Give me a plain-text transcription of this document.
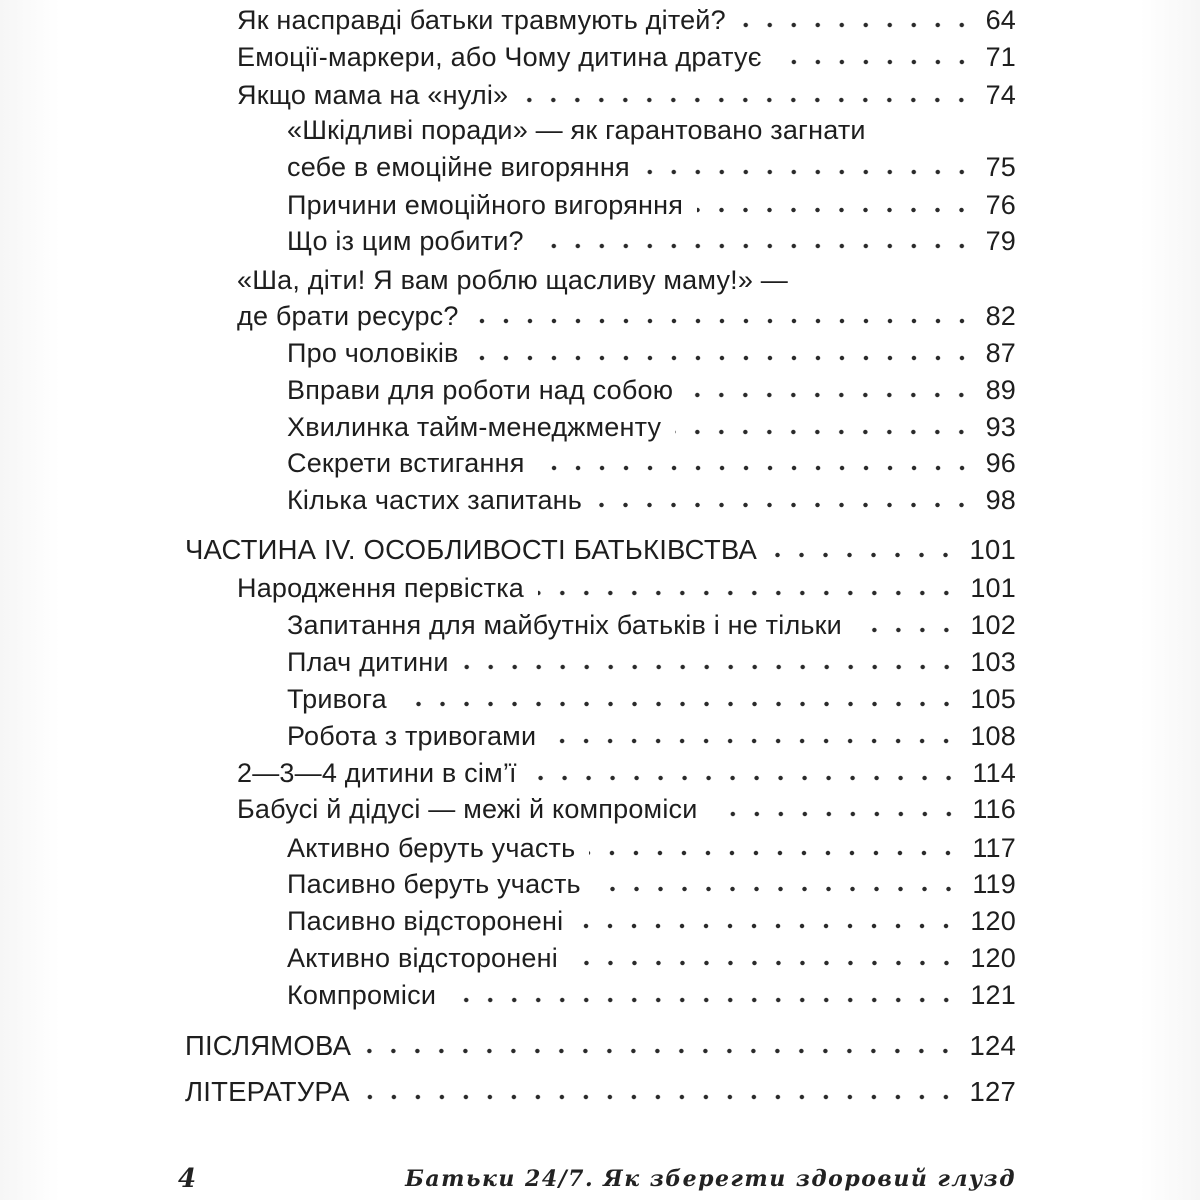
Як насправді батьки травмують дітей?	64
Емоції-маркери, або Чому дитина дратує	71
Якщо мама на «нулі»	74
«Шкідливі поради» — як гарантовано загнати
себе в емоційне вигоряння	75
Причини емоційного вигоряння	76
Що із цим робити?	79
«Ша, діти! Я вам роблю щасливу маму!» —
де брати ресурс?	82
Про чоловіків	87
Вправи для роботи над собою	89
Хвилинка тайм-менеджменту	93
Секрети встигання	96
Кілька частих запитань	98
ЧАСТИНА IV. ОСОБЛИВОСТІ БАТЬКІВСТВА	101
Народження первістка	101
Запитання для майбутніх батьків і не тільки	102
Плач дитини	103
Тривога	105
Робота з тривогами	108
2—3—4 дитини в сім’ї	114
Бабусі й дідусі — межі й компроміси	116
Активно беруть участь	117
Пасивно беруть участь	119
Пасивно відсторонені	120
Активно відсторонені	120
Компроміси	121
ПІСЛЯМОВА	124
ЛІТЕРАТУРА	127
4	Батьки 24/7. Як зберегти здоровий глузд
